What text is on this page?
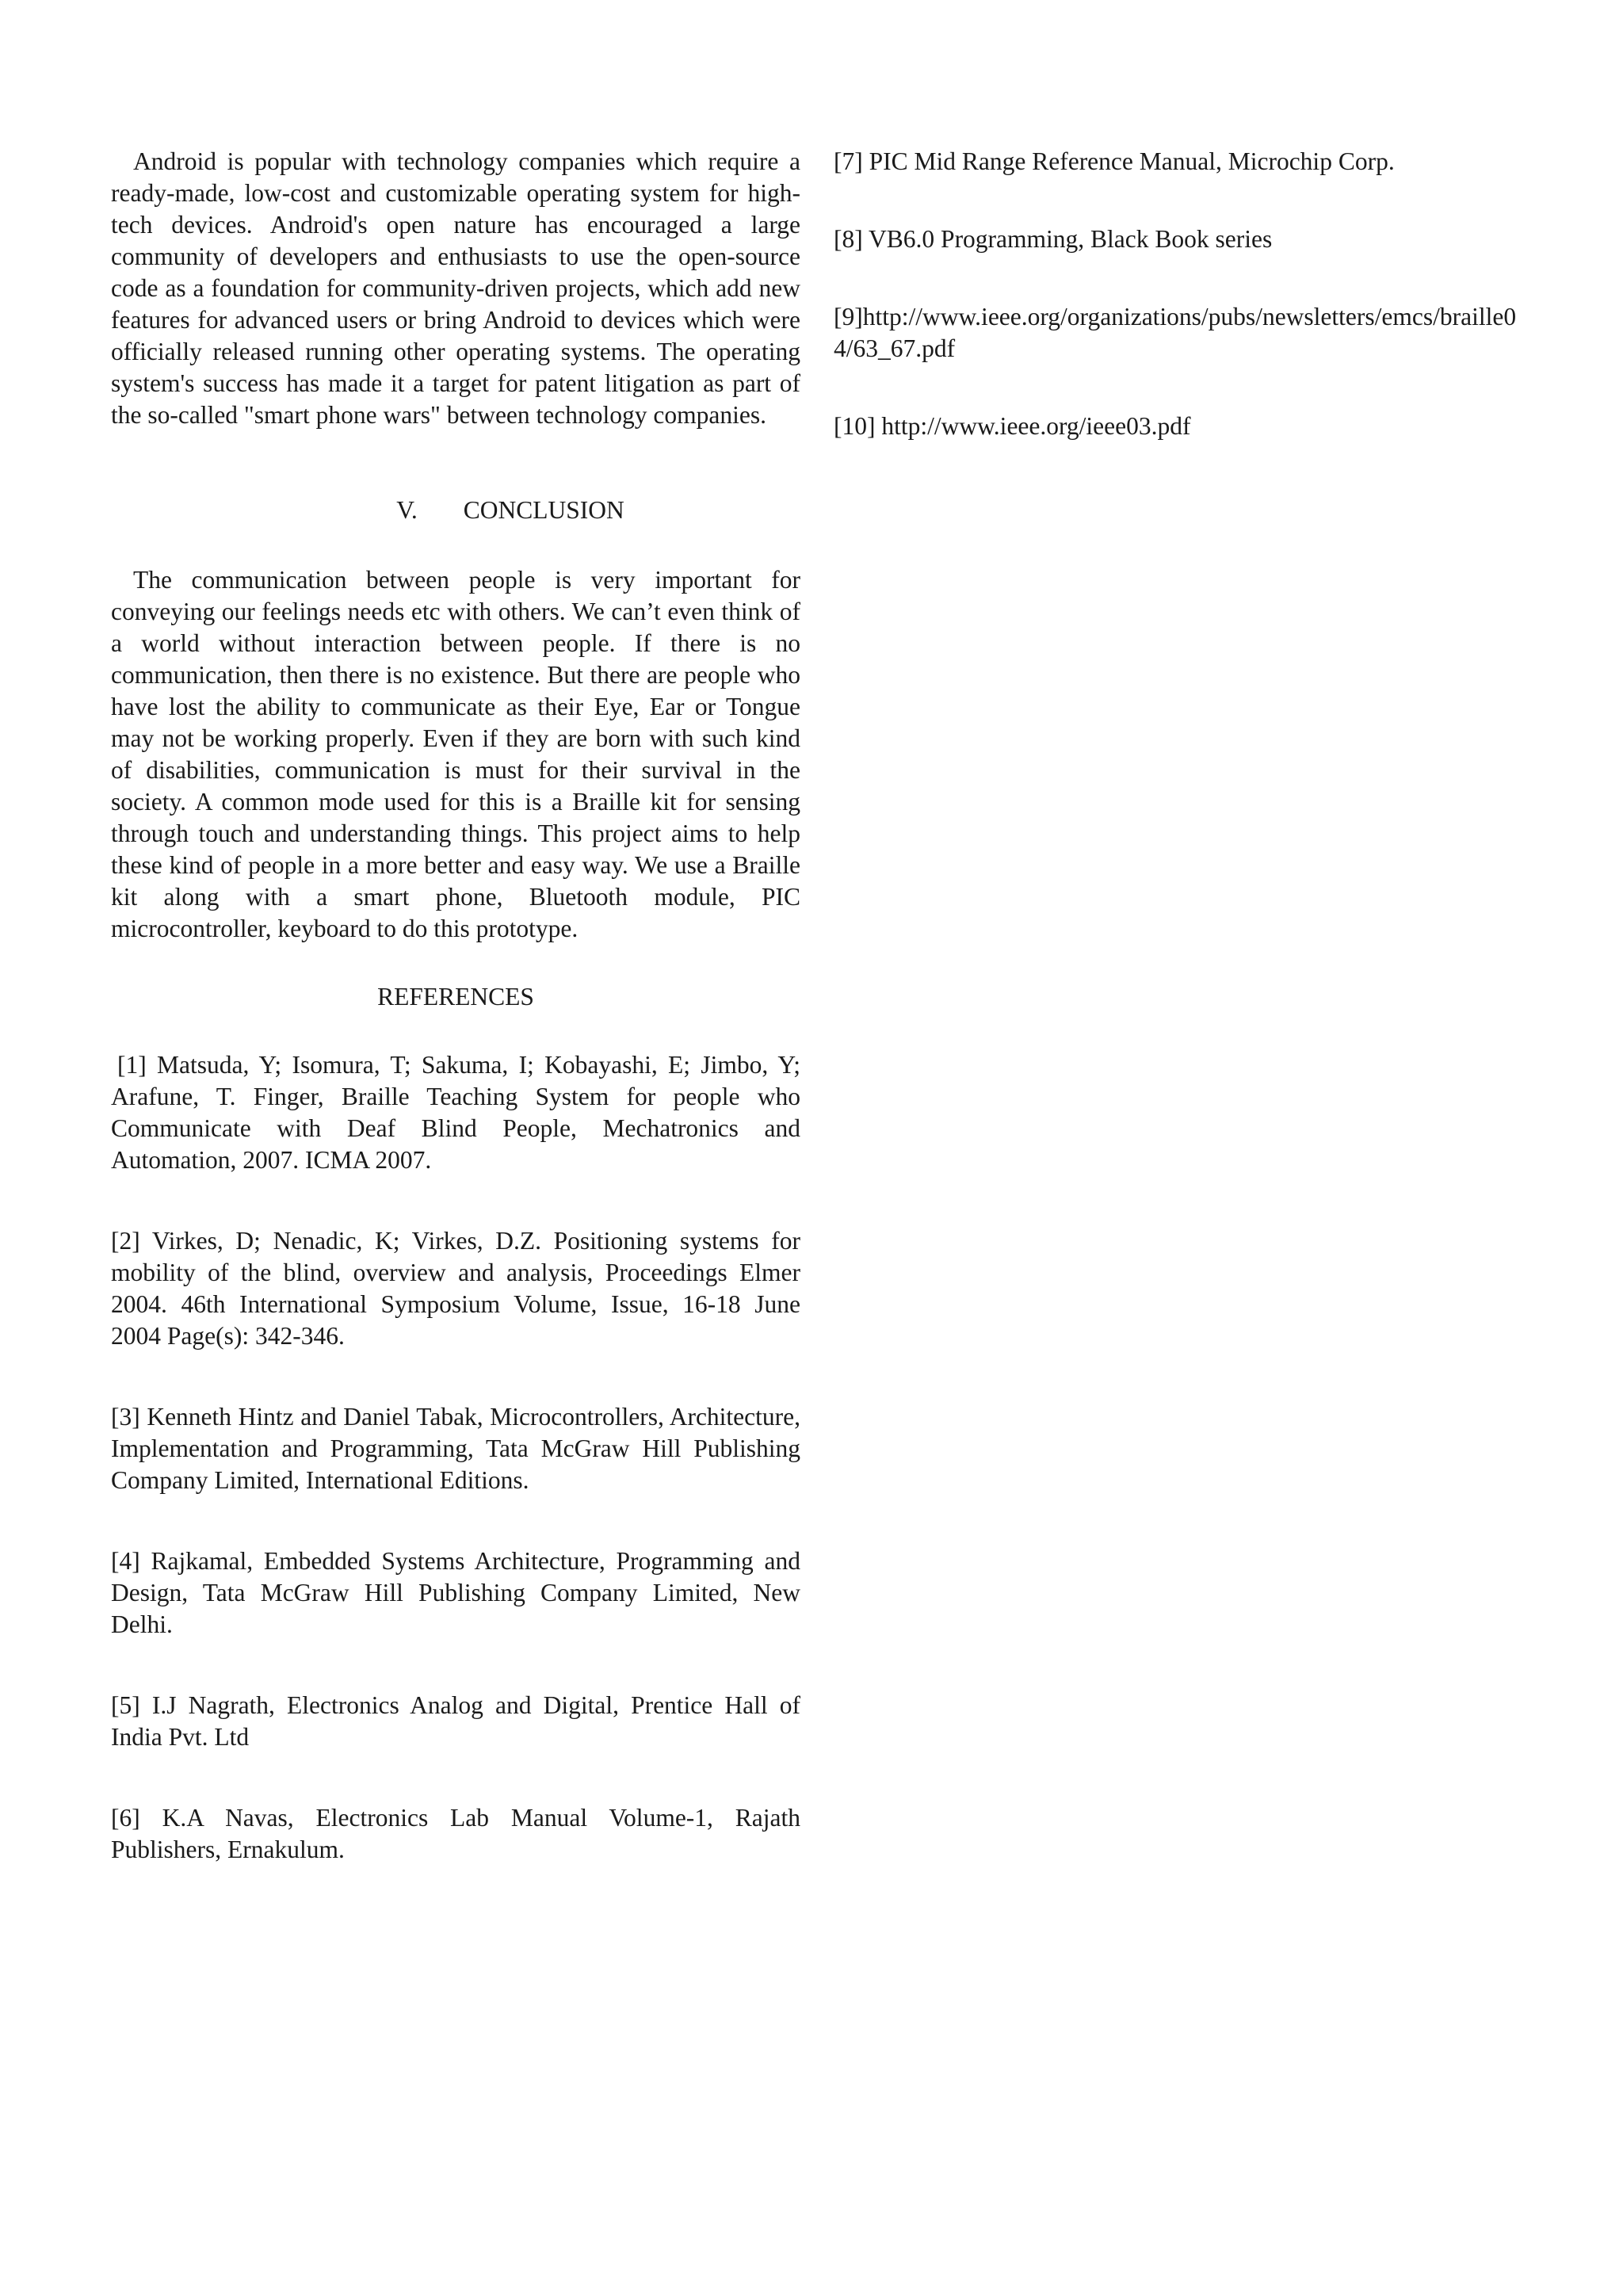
Android is popular with technology companies which require a ready-made, low-cost and customizable operating system for high-tech devices. Android's open nature has encouraged a large community of developers and enthusiasts to use the open-source code as a foundation for community-driven projects, which add new features for advanced users or bring Android to devices which were officially released running other operating systems. The operating system's success has made it a target for patent litigation as part of the so-called "smart phone wars" between technology companies.

V. CONCLUSION

The communication between people is very important for conveying our feelings needs etc with others. We can’t even think of a world without interaction between people. If there is no communication, then there is no existence. But there are people who have lost the ability to communicate as their Eye, Ear or Tongue may not be working properly. Even if they are born with such kind of disabilities, communication is must for their survival in the society. A common mode used for this is a Braille kit for sensing through touch and understanding things. This project aims to help these kind of people in a more better and easy way. We use a Braille kit along with a smart phone, Bluetooth module, PIC microcontroller, keyboard to do this prototype.

REFERENCES

[1] Matsuda, Y; Isomura, T; Sakuma, I; Kobayashi, E; Jimbo, Y; Arafune, T. Finger, Braille Teaching System for people who Communicate with Deaf Blind People, Mechatronics and Automation, 2007. ICMA 2007.

[2] Virkes, D; Nenadic, K; Virkes, D.Z. Positioning systems for mobility of the blind, overview and analysis, Proceedings Elmer 2004. 46th International Symposium Volume, Issue, 16-18 June 2004 Page(s): 342-346.

[3] Kenneth Hintz and Daniel Tabak, Microcontrollers, Architecture, Implementation and Programming, Tata McGraw Hill Publishing Company Limited, International Editions.

[4] Rajkamal, Embedded Systems Architecture, Programming and Design, Tata McGraw Hill Publishing Company Limited, New Delhi.

[5] I.J Nagrath, Electronics Analog and Digital, Prentice Hall of India Pvt. Ltd

[6] K.A Navas, Electronics Lab Manual Volume-1, Rajath Publishers, Ernakulum.

[7] PIC Mid Range Reference Manual, Microchip Corp.

[8] VB6.0 Programming, Black Book series

[9]http://www.ieee.org/organizations/pubs/newsletters/emcs/braille04/63_67.pdf

[10] http://www.ieee.org/ieee03.pdf
